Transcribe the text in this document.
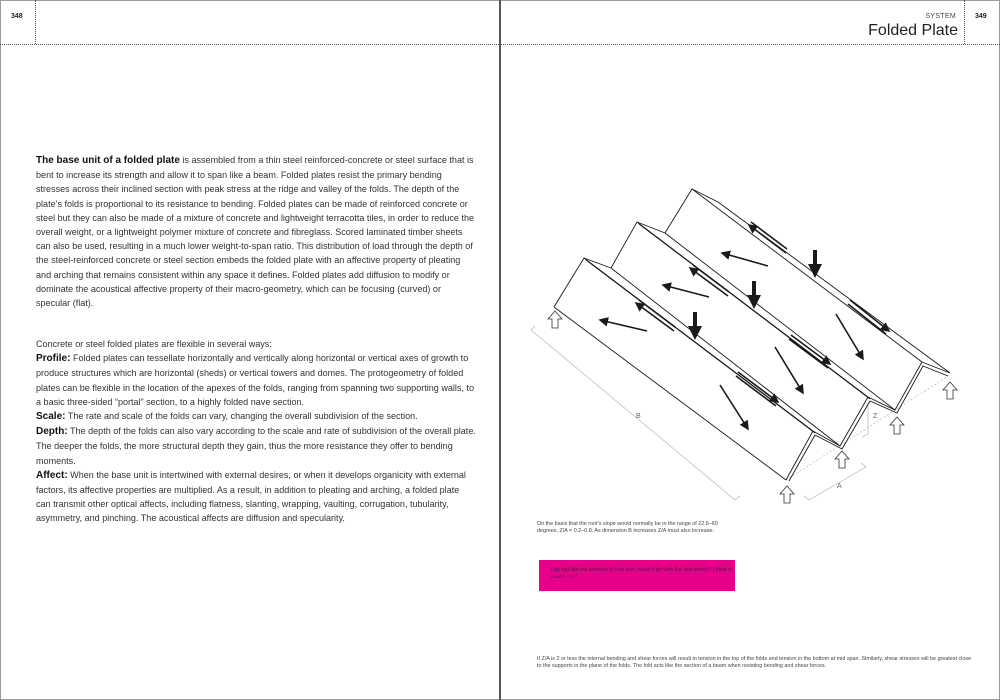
348	349
SYSTEM
Folded Plate
The base unit of a folded plate is assembled from a thin steel reinforced-concrete or steel surface that is bent to increase its strength and allow it to span like a beam. Folded plates resist the primary bending stresses across their inclined section with peak stress at the ridge and valley of the folds. The depth of the plate’s folds is proportional to its resistance to bending. Folded plates can be made of reinforced concrete or steel but they can also be made of a mixture of concrete and lightweight terracotta tiles, in order to reduce the overall weight, or a lightweight polymer mixture of concrete and fibreglass. Scored laminated timber sheets can also be used, resulting in a much lower weight-to-span ratio. This distribution of load through the depth of the steel-reinforced concrete or steel section embeds the folded plate with an affective property of pleating and arching that remains consistent within any space it defines. Folded plates add diffusion to modify or dominate the acoustical affective property of their macro-geometry, which can be focusing (curved) or specular (flat).
Concrete or steel folded plates are flexible in several ways:
Profile: Folded plates can tessellate horizontally and vertically along horizontal or vertical axes of growth to produce structures which are horizontal (sheds) or vertical towers and domes. The protogeometry of folded plates can be flexible in the location of the apexes of the folds, ranging from spanning two supporting walls, to a basic three-sided “portal” section, to a highly folded nave section.
Scale: The rate and scale of the folds can vary, changing the overall subdivision of the section.
Depth: The depth of the folds can also vary according to the scale and rate of subdivision of the overall plate. The deeper the folds, the more structural depth they gain, thus the more resistance they offer to bending moments.
Affect: When the base unit is intertwined with external desires, or when it develops organicity with external factors, its affective properties are multiplied. As a result, in addition to pleating and arching, a folded plate can transmit other optical affects, including flatness, slanting, wrapping, vaulting, corrugation, tubularity, asymmetry, and pinching. The acoustical affects are diffusion and specularity.
B	Z
A
On the basis that the roof’s slope would normally be in the range of 22.6–60 degrees, Z/A = 0.2–0.8. As dimension B increases Z/A must also increase.
I do not like the position of that text, could it go with the one below? I think it could - no?
If Z/A is 2 or less the internal bending and shear forces will result in tension in the top of the folds and tension in the bottom at mid span. Similarly, shear stresses will be greatest close to the supports in the plane of the folds. The fold acts like the section of a beam when resisting bending and shear forces.
